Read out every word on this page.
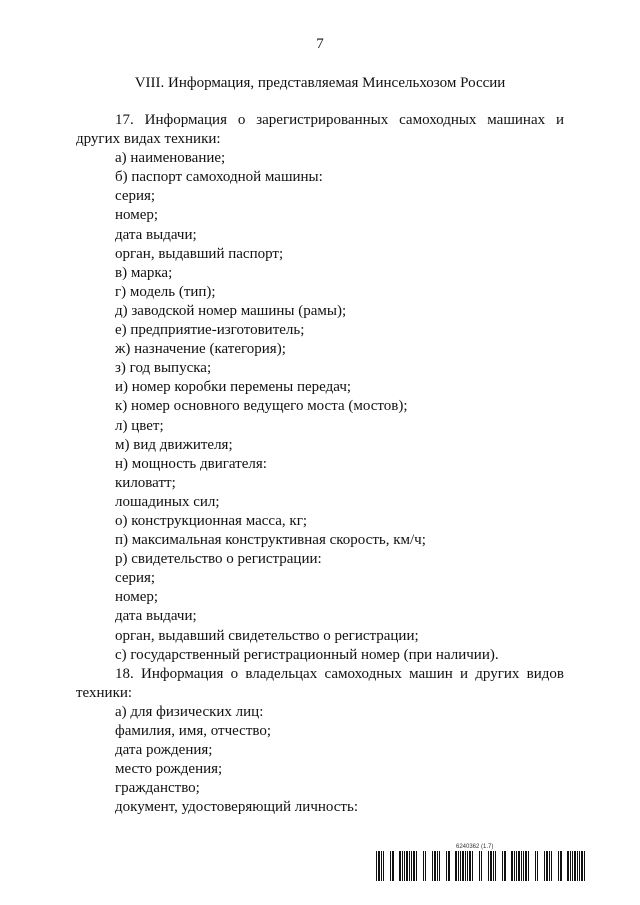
7
VIII. Информация, представляемая Минсельхозом России

17. Информация о зарегистрированных самоходных машинах и других видах техники:

а) наименование;
б) паспорт самоходной машины:
серия;
номер;
дата выдачи;
орган, выдавший паспорт;
в) марка;
г) модель (тип);
д) заводской номер машины (рамы);
е) предприятие-изготовитель;
ж) назначение (категория);
з) год выпуска;
и) номер коробки перемены передач;
к) номер основного ведущего моста (мостов);
л) цвет;
м) вид движителя;
н) мощность двигателя:
киловатт;
лошадиных сил;
о) конструкционная масса, кг;
п) максимальная конструктивная скорость, км/ч;
р) свидетельство о регистрации:
серия;
номер;
дата выдачи;
орган, выдавший свидетельство о регистрации;
с) государственный регистрационный номер (при наличии).

18. Информация о владельцах самоходных машин и других видов техники:

а) для физических лиц:
фамилия, имя, отчество;
дата рождения;
место рождения;
гражданство;
документ, удостоверяющий личность:
6240362 (1.7)
